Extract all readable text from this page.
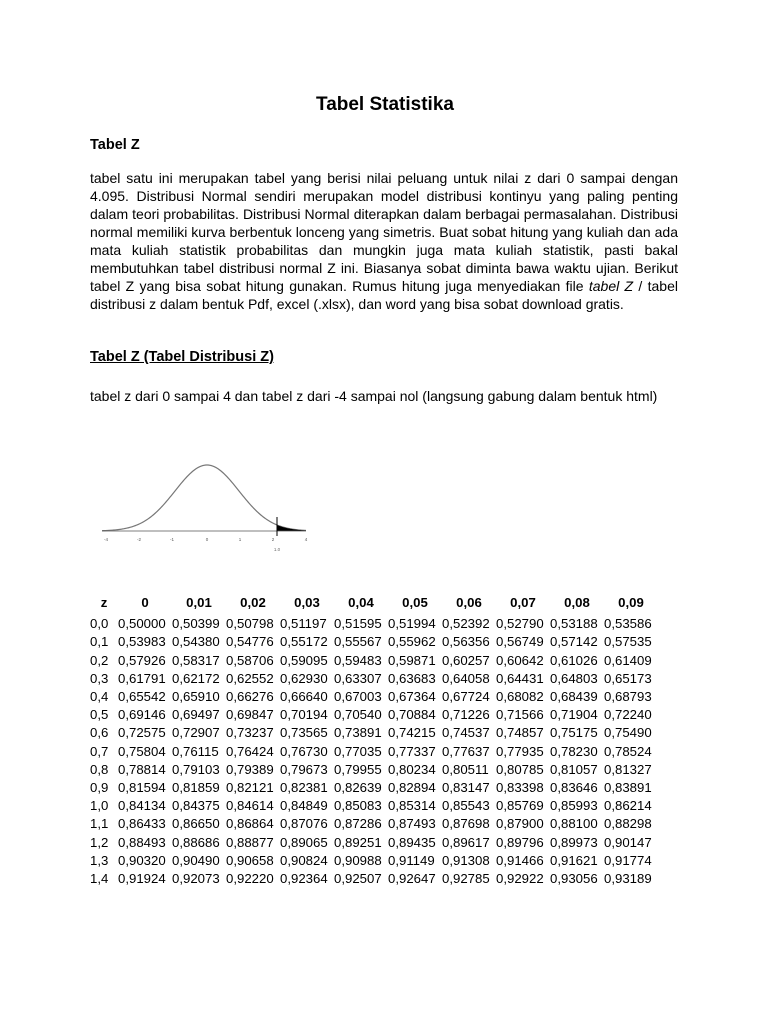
Tabel Statistika
Tabel Z

tabel satu ini merupakan tabel yang berisi nilai peluang untuk nilai z dari 0 sampai dengan 4.095. Distribusi Normal sendiri merupakan model distribusi kontinyu yang paling penting dalam teori probabilitas. Distribusi Normal diterapkan dalam berbagai permasalahan. Distribusi normal memiliki kurva berbentuk lonceng yang simetris. Buat sobat hitung yang kuliah dan ada mata kuliah statistik probabilitas dan mungkin juga mata kuliah statistik, pasti bakal membutuhkan tabel distribusi normal Z ini. Biasanya sobat diminta bawa waktu ujian. Berikut tabel Z yang bisa sobat hitung gunakan. Rumus hitung juga menyediakan file tabel Z / tabel distribusi z dalam bentuk Pdf, excel (.xlsx), dan word yang bisa sobat download gratis.

Tabel Z (Tabel Distribusi Z)

tabel z dari 0 sampai 4 dan tabel z dari -4 sampai nol (langsung gabung dalam bentuk html)

-4	-2	-1	0	1	2	4
1.0
z	0	0,01	0,02	0,03	0,04	0,05	0,06	0,07	0,08	0,09
0,0	0,50000	0,50399	0,50798	0,51197	0,51595	0,51994	0,52392	0,52790	0,53188	0,53586
0,1	0,53983	0,54380	0,54776	0,55172	0,55567	0,55962	0,56356	0,56749	0,57142	0,57535
0,2	0,57926	0,58317	0,58706	0,59095	0,59483	0,59871	0,60257	0,60642	0,61026	0,61409
0,3	0,61791	0,62172	0,62552	0,62930	0,63307	0,63683	0,64058	0,64431	0,64803	0,65173
0,4	0,65542	0,65910	0,66276	0,66640	0,67003	0,67364	0,67724	0,68082	0,68439	0,68793
0,5	0,69146	0,69497	0,69847	0,70194	0,70540	0,70884	0,71226	0,71566	0,71904	0,72240
0,6	0,72575	0,72907	0,73237	0,73565	0,73891	0,74215	0,74537	0,74857	0,75175	0,75490
0,7	0,75804	0,76115	0,76424	0,76730	0,77035	0,77337	0,77637	0,77935	0,78230	0,78524
0,8	0,78814	0,79103	0,79389	0,79673	0,79955	0,80234	0,80511	0,80785	0,81057	0,81327
0,9	0,81594	0,81859	0,82121	0,82381	0,82639	0,82894	0,83147	0,83398	0,83646	0,83891
1,0	0,84134	0,84375	0,84614	0,84849	0,85083	0,85314	0,85543	0,85769	0,85993	0,86214
1,1	0,86433	0,86650	0,86864	0,87076	0,87286	0,87493	0,87698	0,87900	0,88100	0,88298
1,2	0,88493	0,88686	0,88877	0,89065	0,89251	0,89435	0,89617	0,89796	0,89973	0,90147
1,3	0,90320	0,90490	0,90658	0,90824	0,90988	0,91149	0,91308	0,91466	0,91621	0,91774
1,4	0,91924	0,92073	0,92220	0,92364	0,92507	0,92647	0,92785	0,92922	0,93056	0,93189
